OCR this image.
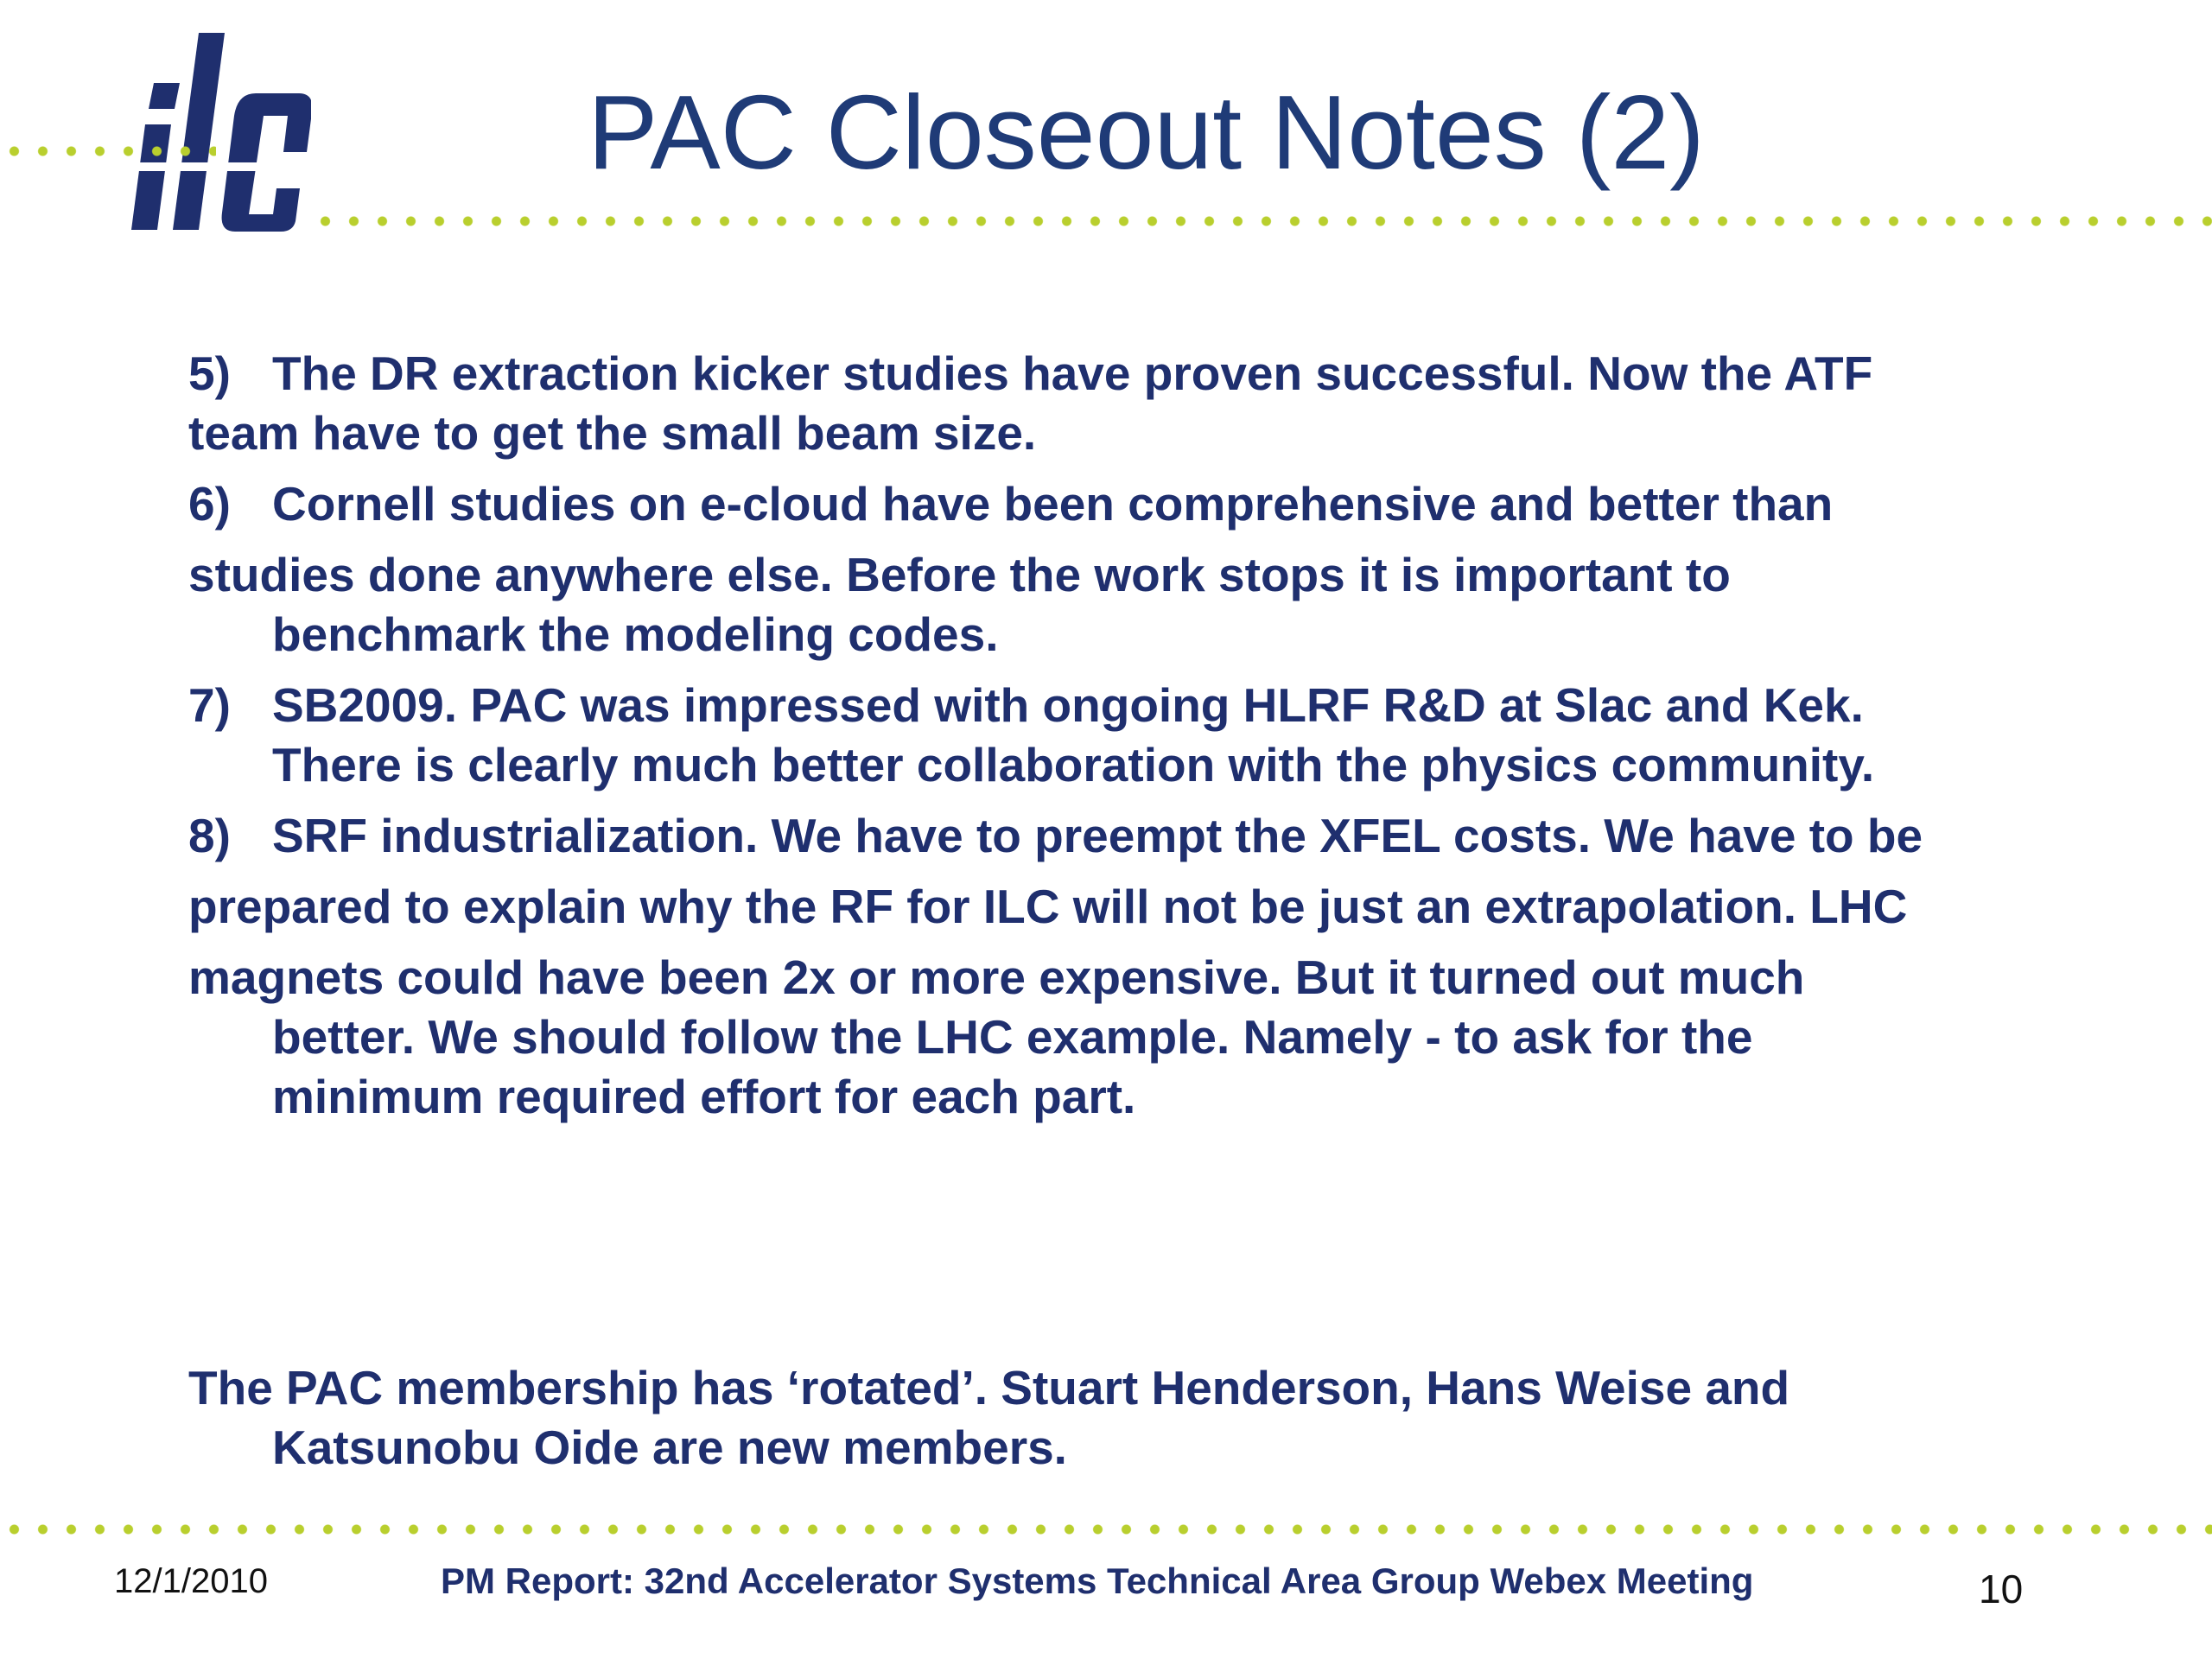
PAC Closeout Notes (2)

5) The DR extraction kicker studies have proven successful. Now the ATF

team have to get the small beam size.

6) Cornell studies on e-cloud have been comprehensive and better than

studies done anywhere else. Before the work stops it is important to

benchmark the modeling codes.

7) SB2009. PAC was impressed with ongoing HLRF R&D at Slac and Kek.

There is clearly much better collaboration with the physics community.

8) SRF industrialization. We have to preempt the XFEL costs. We have to be

prepared to explain why the RF for ILC will not be just an extrapolation. LHC

magnets could have been 2x or more expensive. But it turned out much

better. We should follow the LHC example. Namely - to ask for the

minimum required effort for each part.

The PAC membership has ‘rotated’. Stuart Henderson, Hans Weise and

Katsunobu Oide are new members.

12/1/2010	PM Report: 32nd Accelerator Systems Technical Area Group Webex Meeting	10
